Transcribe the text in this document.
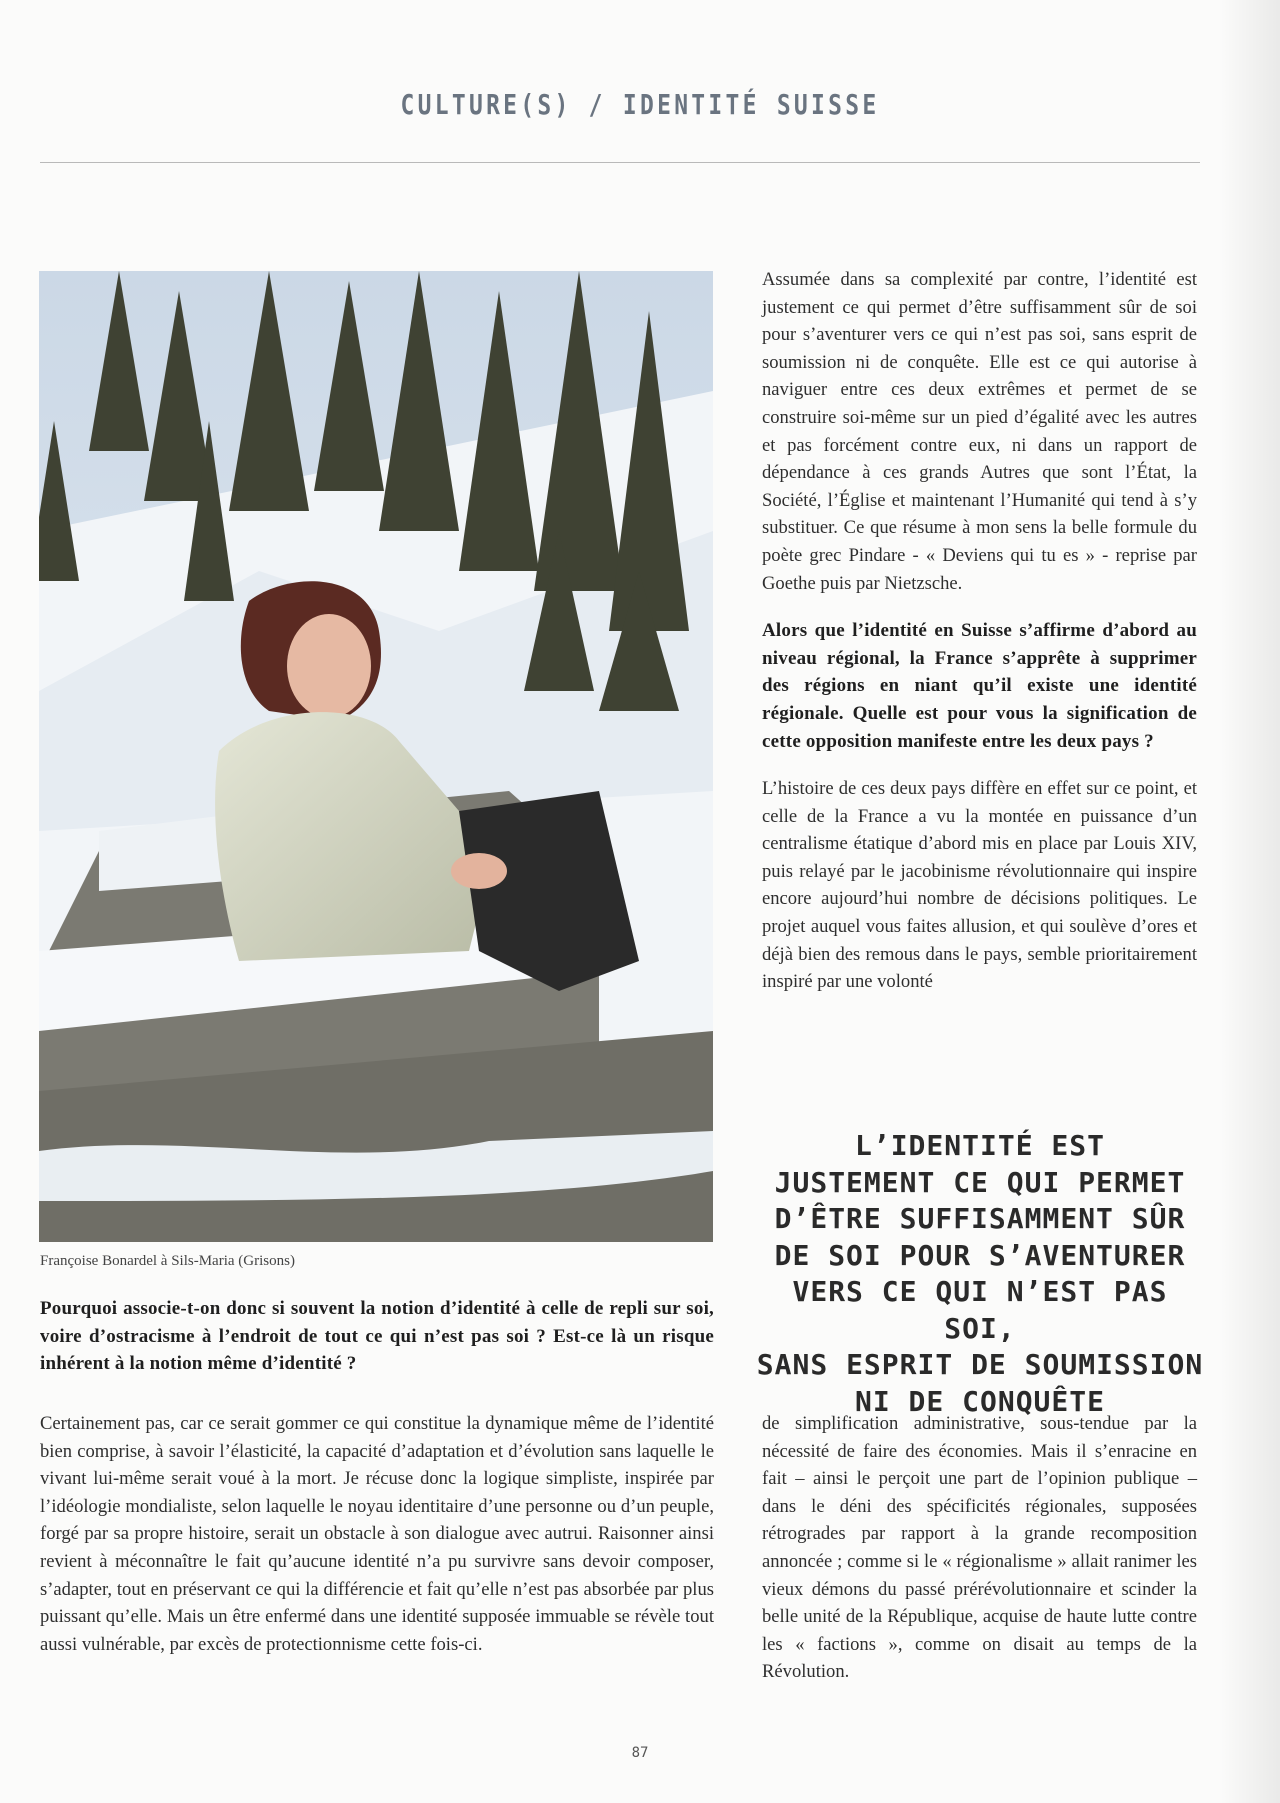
CULTURE(S) / IDENTITÉ SUISSE
Françoise Bonardel à Sils-Maria (Grisons)

Assumée dans sa complexité par contre, l’identité est justement ce qui permet d’être suffisamment sûr de soi pour s’aventurer vers ce qui n’est pas soi, sans esprit de soumission ni de conquête. Elle est ce qui autorise à naviguer entre ces deux extrêmes et permet de se construire soi-même sur un pied d’égalité avec les autres et pas forcément contre eux, ni dans un rapport de dépendance à ces grands Autres que sont l’État, la Société, l’Église et maintenant l’Humanité qui tend à s’y substituer. Ce que résume à mon sens la belle formule du poète grec Pindare - « Deviens qui tu es » - reprise par Goethe puis par Nietzsche.

Alors que l’identité en Suisse s’affirme d’abord au niveau régional, la France s’apprête à supprimer des régions en niant qu’il existe une identité régionale. Quelle est pour vous la signification de cette opposition manifeste entre les deux pays ?

L’histoire de ces deux pays diffère en effet sur ce point, et celle de la France a vu la montée en puissance d’un centralisme étatique d’abord mis en place par Louis XIV, puis relayé par le jacobinisme révolutionnaire qui inspire encore aujourd’hui nombre de décisions politiques. Le projet auquel vous faites allusion, et qui soulève d’ores et déjà bien des remous dans le pays, semble prioritairement inspiré par une volonté

L’IDENTITÉ EST
JUSTEMENT CE QUI PERMET
D’ÊTRE SUFFISAMMENT SÛR
DE SOI POUR S’AVENTURER
VERS CE QUI N’EST PAS SOI,
SANS ESPRIT DE SOUMISSION
NI DE CONQUÊTE

Pourquoi associe-t-on donc si souvent la notion d’identité à celle de repli sur soi, voire d’ostracisme à l’endroit de tout ce qui n’est pas soi ? Est-ce là un risque inhérent à la notion même d’identité ?

Certainement pas, car ce serait gommer ce qui constitue la dynamique même de l’identité bien comprise, à savoir l’élasticité, la capacité d’adaptation et d’évolution sans laquelle le vivant lui-même serait voué à la mort. Je récuse donc la logique simpliste, inspirée par l’idéologie mondialiste, selon laquelle le noyau identitaire d’une personne ou d’un peuple, forgé par sa propre histoire, serait un obstacle à son dialogue avec autrui. Raisonner ainsi revient à méconnaître le fait qu’aucune identité n’a pu survivre sans devoir composer, s’adapter, tout en préservant ce qui la différencie et fait qu’elle n’est pas absorbée par plus puissant qu’elle. Mais un être enfermé dans une identité supposée immuable se révèle tout aussi vulnérable, par excès de protectionnisme cette fois-ci.

de simplification administrative, sous-tendue par la nécessité de faire des économies. Mais il s’enracine en fait – ainsi le perçoit une part de l’opinion publique – dans le déni des spécificités régionales, supposées rétrogrades par rapport à la grande recomposition annoncée ; comme si le « régionalisme » allait ranimer les vieux démons du passé prérévolutionnaire et scinder la belle unité de la République, acquise de haute lutte contre les « factions », comme on disait au temps de la Révolution.

87
